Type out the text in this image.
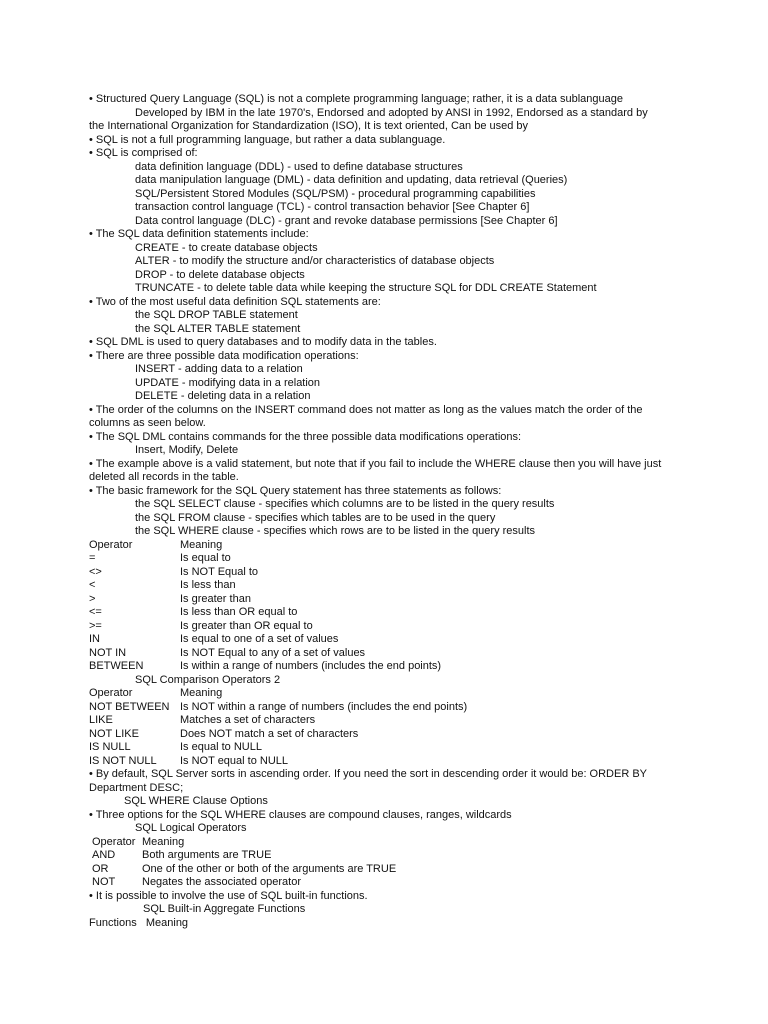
• Structured Query Language (SQL) is not a complete programming language; rather, it is a data sublanguage
Developed by IBM in the late 1970's, Endorsed and adopted by ANSI in 1992, Endorsed as a standard by
the International Organization for Standardization (ISO), It is text oriented, Can be used by
• SQL is not a full programming language, but rather a data sublanguage.
• SQL is comprised of:
data definition language (DDL) - used to define database structures
data manipulation language (DML) - data definition and updating, data retrieval (Queries)
SQL/Persistent Stored Modules (SQL/PSM) - procedural programming capabilities
transaction control language (TCL) - control transaction behavior [See Chapter 6]
Data control language (DLC) - grant and revoke database permissions [See Chapter 6]
• The SQL data definition statements include:
CREATE - to create database objects
ALTER - to modify the structure and/or characteristics of database objects
DROP - to delete database objects
TRUNCATE - to delete table data while keeping the structure SQL for DDL CREATE Statement
• Two of the most useful data definition SQL statements are:
the SQL DROP TABLE statement
the SQL ALTER TABLE statement
• SQL DML is used to query databases and to modify data in the tables.
• There are three possible data modification operations:
INSERT - adding data to a relation
UPDATE - modifying data in a relation
DELETE - deleting data in a relation
• The order of the columns on the INSERT command does not matter as long as the values match the order of the columns as seen below.
• The SQL DML contains commands for the three possible data modifications operations:
Insert, Modify, Delete
• The example above is a valid statement, but note that if you fail to include the WHERE clause then you will have just deleted all records in the table.
• The basic framework for the SQL Query statement has three statements as follows:
the SQL SELECT clause - specifies which columns are to be listed in the query results
the SQL FROM clause - specifies which tables are to be used in the query
the SQL WHERE clause - specifies which rows are to be listed in the query results
Operator	Meaning
=	Is equal to
<>	Is NOT Equal to
<	Is less than
>	Is greater than
<=	Is less than OR equal to
>=	Is greater than OR equal to
IN	Is equal to one of a set of values
NOT IN	Is NOT Equal to any of a set of values
BETWEEN	Is within a range of numbers (includes the end points)
SQL Comparison Operators 2
Operator	Meaning
NOT BETWEEN Is NOT within a range of numbers (includes the end points)
LIKE	Matches a set of characters
NOT LIKE	Does NOT match a set of characters
IS NULL	Is equal to NULL
IS NOT NULL	Is NOT equal to NULL
• By default, SQL Server sorts in ascending order. If you need the sort in descending order it would be: ORDER BY Department DESC;
SQL WHERE Clause Options
• Three options for the SQL WHERE clauses are compound clauses, ranges, wildcards
SQL Logical Operators
Operator Meaning
AND	Both arguments are TRUE
OR	One of the other or both of the arguments are TRUE
NOT	Negates the associated operator
• It is possible to involve the use of SQL built-in functions.
SQL Built-in Aggregate Functions
Functions   Meaning
